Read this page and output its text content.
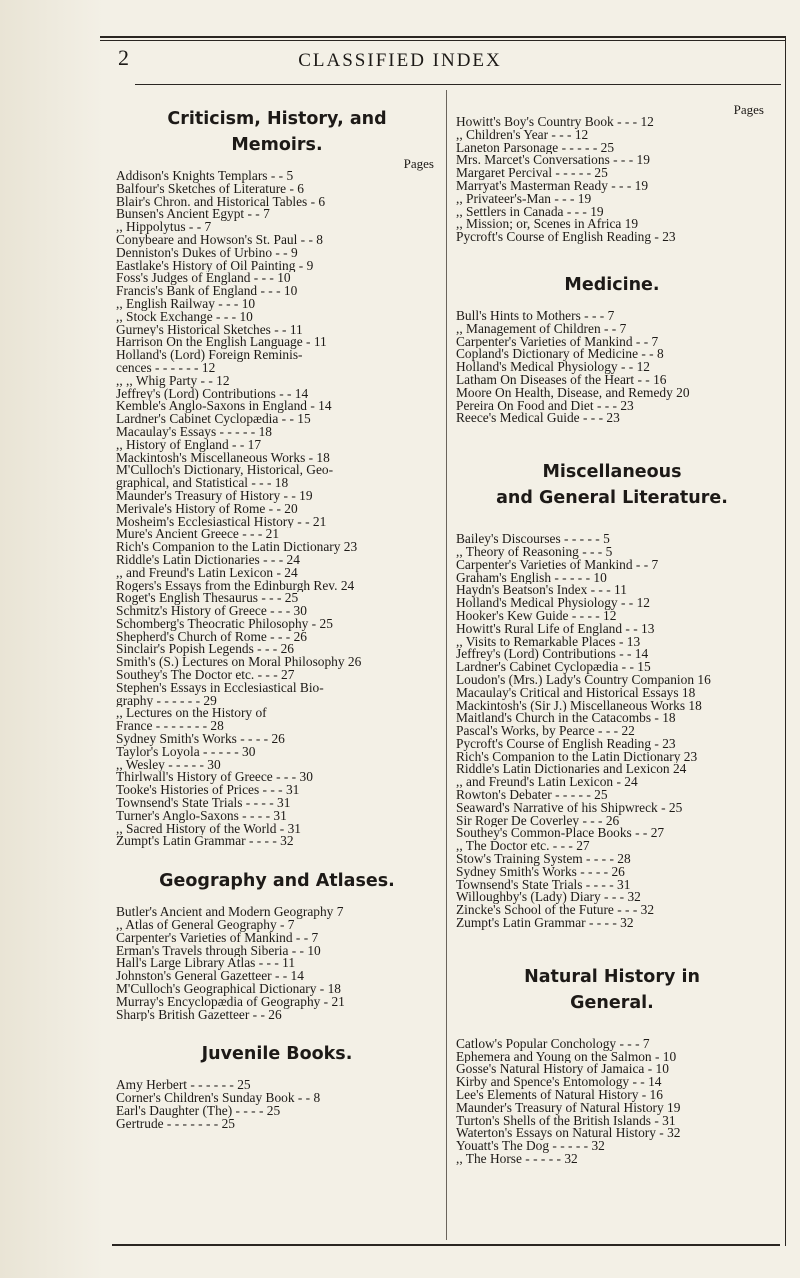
2	CLASSIFIED INDEX
Criticism, History, and
Memoirs.
Pages
Addison's Knights Templars - - 5
Balfour's Sketches of Literature - 6
Blair's Chron. and Historical Tables - 6
Bunsen's Ancient Egypt - - 7
,, Hippolytus - - 7
Conybeare and Howson's St. Paul - - 8
Denniston's Dukes of Urbino - - 9
Eastlake's History of Oil Painting - 9
Foss's Judges of England - - - 10
Francis's Bank of England - - - 10
,, English Railway - - - 10
,, Stock Exchange - - - 10
Gurney's Historical Sketches - - 11
Harrison On the English Language - 11
Holland's (Lord) Foreign Reminis-
cences - - - - - - 12
,, ,, Whig Party - - 12
Jeffrey's (Lord) Contributions - - 14
Kemble's Anglo-Saxons in England - 14
Lardner's Cabinet Cyclopædia - - 15
Macaulay's Essays - - - - - 18
,, History of England - - 17
Mackintosh's Miscellaneous Works - 18
M'Culloch's Dictionary, Historical, Geo-
graphical, and Statistical - - - 18
Maunder's Treasury of History - - 19
Merivale's History of Rome - - 20
Mosheim's Ecclesiastical History - - 21
Mure's Ancient Greece - - - 21
Rich's Companion to the Latin Dictionary 23
Riddle's Latin Dictionaries - - - 24
,, and Freund's Latin Lexicon - 24
Rogers's Essays from the Edinburgh Rev. 24
Roget's English Thesaurus - - - 25
Schmitz's History of Greece - - - 30
Schomberg's Theocratic Philosophy - 25
Shepherd's Church of Rome - - - 26
Sinclair's Popish Legends - - - 26
Smith's (S.) Lectures on Moral Philosophy 26
Southey's The Doctor etc. - - - 27
Stephen's Essays in Ecclesiastical Bio-
graphy - - - - - - 29
,, Lectures on the History of
France - - - - - - - 28
Sydney Smith's Works - - - - 26
Taylor's Loyola - - - - - 30
,, Wesley - - - - - 30
Thirlwall's History of Greece - - - 30
Tooke's Histories of Prices - - - 31
Townsend's State Trials - - - - 31
Turner's Anglo-Saxons - - - - 31
,, Sacred History of the World - 31
Zumpt's Latin Grammar - - - - 32
Geography and Atlases.
Butler's Ancient and Modern Geography 7
,, Atlas of General Geography - 7
Carpenter's Varieties of Mankind - - 7
Erman's Travels through Siberia - - 10
Hall's Large Library Atlas - - - 11
Johnston's General Gazetteer - - 14
M'Culloch's Geographical Dictionary - 18
Murray's Encyclopædia of Geography - 21
Sharp's British Gazetteer - - 26
Juvenile Books.
Amy Herbert - - - - - - 25
Corner's Children's Sunday Book - - 8
Earl's Daughter (The) - - - - 25
Gertrude - - - - - - - 25
Pages
Howitt's Boy's Country Book - - - 12
,, Children's Year - - - 12
Laneton Parsonage - - - - - 25
Mrs. Marcet's Conversations - - - 19
Margaret Percival - - - - - 25
Marryat's Masterman Ready - - - 19
,, Privateer's-Man - - - 19
,, Settlers in Canada - - - 19
,, Mission; or, Scenes in Africa 19
Pycroft's Course of English Reading - 23
Medicine.
Bull's Hints to Mothers - - - 7
,, Management of Children - - 7
Carpenter's Varieties of Mankind - - 7
Copland's Dictionary of Medicine - - 8
Holland's Medical Physiology - - 12
Latham On Diseases of the Heart - - 16
Moore On Health, Disease, and Remedy 20
Pereira On Food and Diet - - - 23
Reece's Medical Guide - - - 23
Miscellaneous
and General Literature.
Bailey's Discourses - - - - - 5
,, Theory of Reasoning - - - 5
Carpenter's Varieties of Mankind - - 7
Graham's English - - - - - 10
Haydn's Beatson's Index - - - 11
Holland's Medical Physiology - - 12
Hooker's Kew Guide - - - - 12
Howitt's Rural Life of England - - 13
,, Visits to Remarkable Places - 13
Jeffrey's (Lord) Contributions - - 14
Lardner's Cabinet Cyclopædia - - 15
Loudon's (Mrs.) Lady's Country Companion 16
Macaulay's Critical and Historical Essays 18
Mackintosh's (Sir J.) Miscellaneous Works 18
Maitland's Church in the Catacombs - 18
Pascal's Works, by Pearce - - - 22
Pycroft's Course of English Reading - 23
Rich's Companion to the Latin Dictionary 23
Riddle's Latin Dictionaries and Lexicon 24
,, and Freund's Latin Lexicon - 24
Rowton's Debater - - - - - 25
Seaward's Narrative of his Shipwreck - 25
Sir Roger De Coverley - - - 26
Southey's Common-Place Books - - 27
,, The Doctor etc. - - - 27
Stow's Training System - - - - 28
Sydney Smith's Works - - - - 26
Townsend's State Trials - - - - 31
Willoughby's (Lady) Diary - - - 32
Zincke's School of the Future - - - 32
Zumpt's Latin Grammar - - - - 32
Natural History in
General.
Catlow's Popular Conchology - - - 7
Ephemera and Young on the Salmon - 10
Gosse's Natural History of Jamaica - 10
Kirby and Spence's Entomology - - 14
Lee's Elements of Natural History - 16
Maunder's Treasury of Natural History 19
Turton's Shells of the British Islands - 31
Waterton's Essays on Natural History - 32
Youatt's The Dog - - - - - 32
,, The Horse - - - - - 32
